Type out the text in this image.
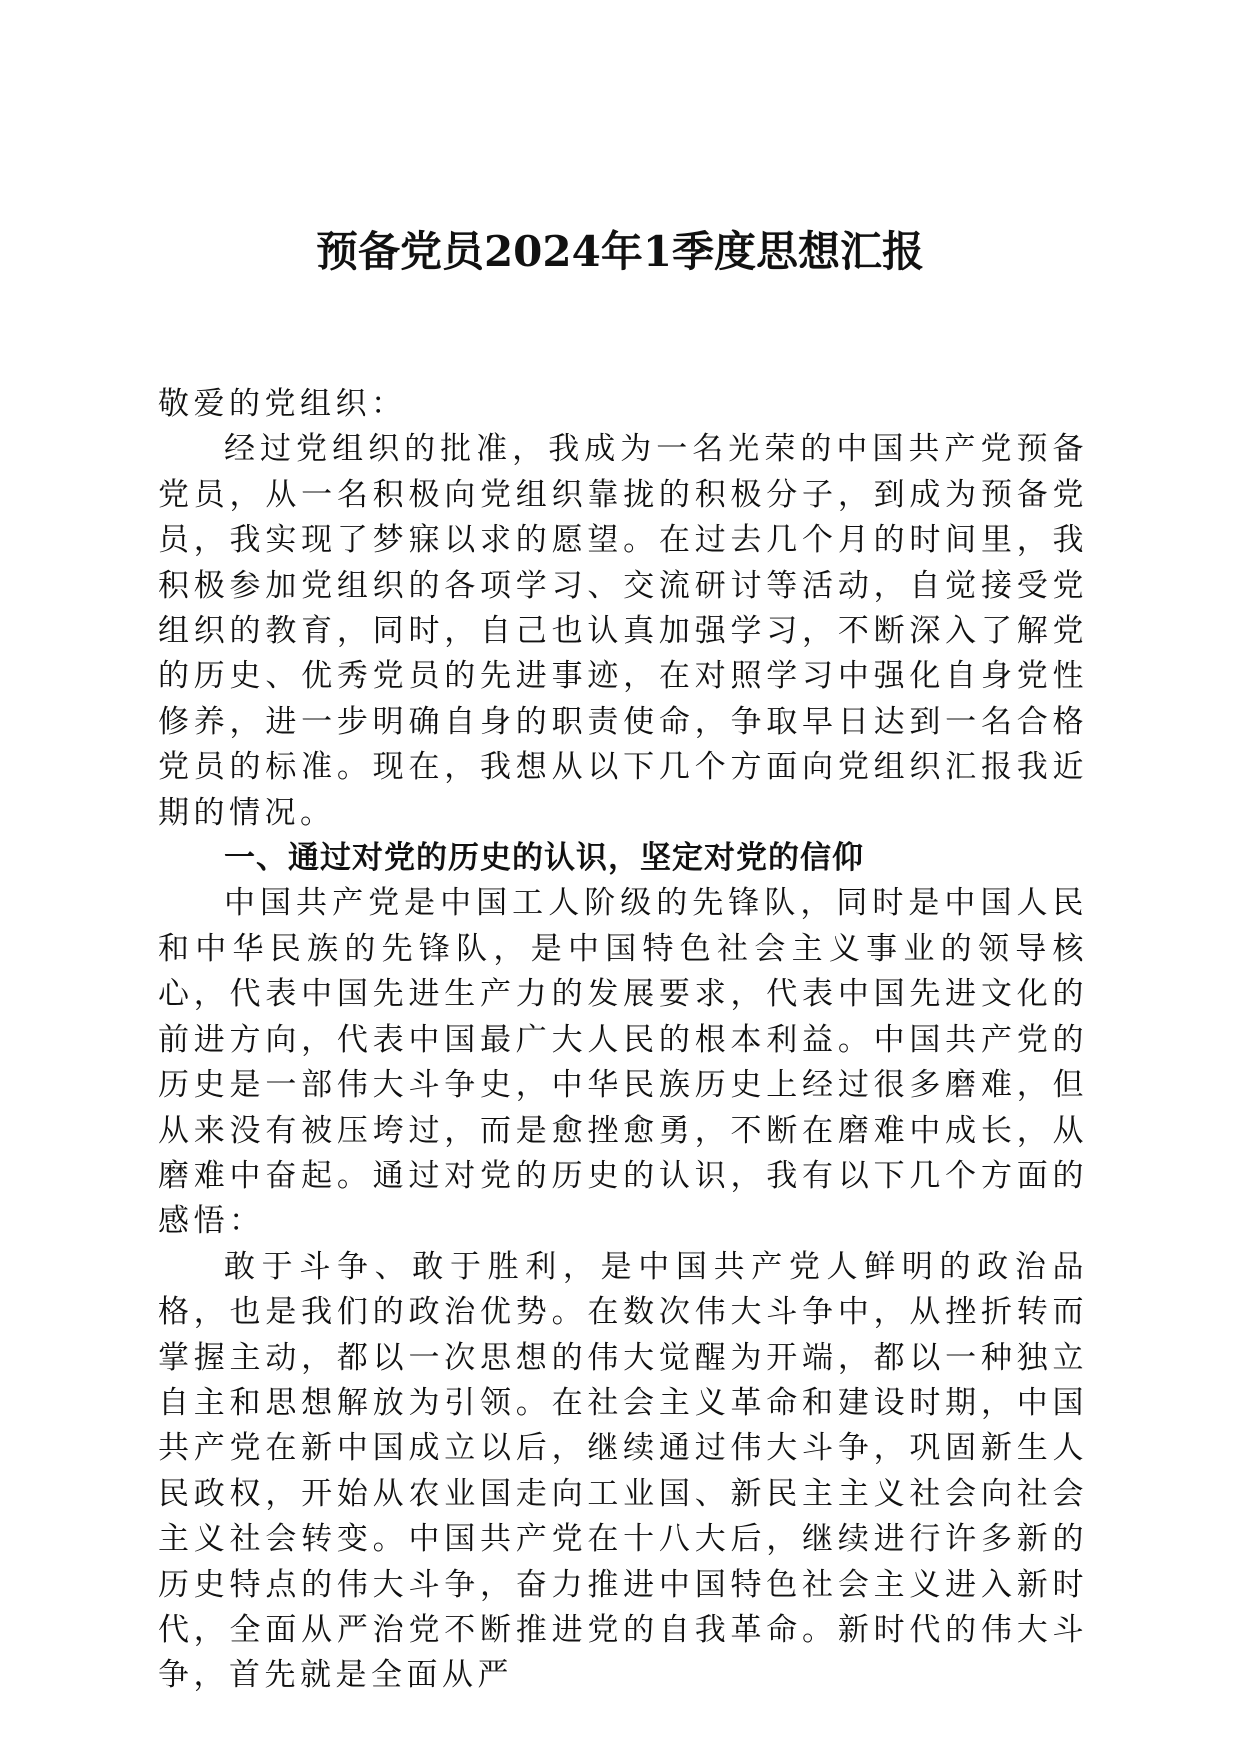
预备党员2024年1季度思想汇报

敬爱的党组织：

经过党组织的批准，我成为一名光荣的中国共产党预备党员，从一名积极向党组织靠拢的积极分子，到成为预备党员，我实现了梦寐以求的愿望。在过去几个月的时间里，我积极参加党组织的各项学习、交流研讨等活动，自觉接受党组织的教育，同时，自己也认真加强学习，不断深入了解党的历史、优秀党员的先进事迹，在对照学习中强化自身党性修养，进一步明确自身的职责使命，争取早日达到一名合格党员的标准。现在，我想从以下几个方面向党组织汇报我近期的情况。

一、通过对党的历史的认识，坚定对党的信仰

中国共产党是中国工人阶级的先锋队，同时是中国人民和中华民族的先锋队，是中国特色社会主义事业的领导核心，代表中国先进生产力的发展要求，代表中国先进文化的前进方向，代表中国最广大人民的根本利益。中国共产党的历史是一部伟大斗争史，中华民族历史上经过很多磨难，但从来没有被压垮过，而是愈挫愈勇，不断在磨难中成长，从磨难中奋起。通过对党的历史的认识，我有以下几个方面的感悟：

敢于斗争、敢于胜利，是中国共产党人鲜明的政治品格，也是我们的政治优势。在数次伟大斗争中，从挫折转而掌握主动，都以一次思想的伟大觉醒为开端，都以一种独立自主和思想解放为引领。在社会主义革命和建设时期，中国共产党在新中国成立以后，继续通过伟大斗争，巩固新生人民政权，开始从农业国走向工业国、新民主主义社会向社会主义社会转变。中国共产党在十八大后，继续进行许多新的历史特点的伟大斗争，奋力推进中国特色社会主义进入新时代，全面从严治党不断推进党的自我革命。新时代的伟大斗争，首先就是全面从严
